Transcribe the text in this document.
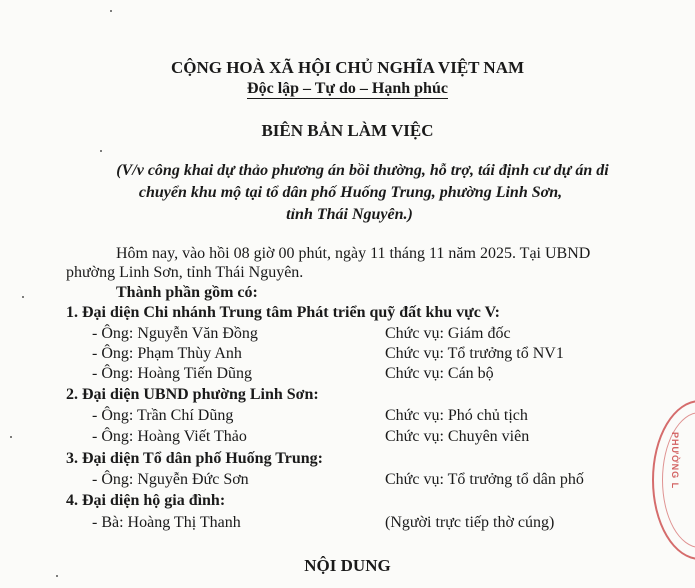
CỘNG HOÀ XÃ HỘI CHỦ NGHĨA VIỆT NAM
Độc lập – Tự do – Hạnh phúc
BIÊN BẢN LÀM VIỆC
(V/v công khai dự thảo phương án bồi thường, hỗ trợ, tái định cư dự án di
chuyển khu mộ tại tổ dân phố Huống Trung, phường Linh Sơn,
tỉnh Thái Nguyên.)
Hôm nay, vào hồi 08 giờ 00 phút, ngày 11 tháng 11 năm 2025. Tại UBND
phường Linh Sơn, tỉnh Thái Nguyên.
Thành phần gồm có:
1. Đại diện Chi nhánh Trung tâm Phát triển quỹ đất khu vực V:
- Ông: Nguyễn Văn Đồng	Chức vụ: Giám đốc
- Ông: Phạm Thùy Anh	Chức vụ: Tổ trưởng tổ NV1
- Ông: Hoàng Tiến Dũng	Chức vụ: Cán bộ
2. Đại diện UBND phường Linh Sơn:
- Ông: Trần Chí Dũng	Chức vụ: Phó chủ tịch
- Ông: Hoàng Viết Thảo	Chức vụ: Chuyên viên
3. Đại diện Tổ dân phố Huống Trung:
- Ông: Nguyễn Đức Sơn	Chức vụ: Tổ trưởng tổ dân phố
4. Đại diện hộ gia đình:
- Bà: Hoàng Thị Thanh	(Người trực tiếp thờ cúng)
NỘI DUNG
PHƯỜNG L
